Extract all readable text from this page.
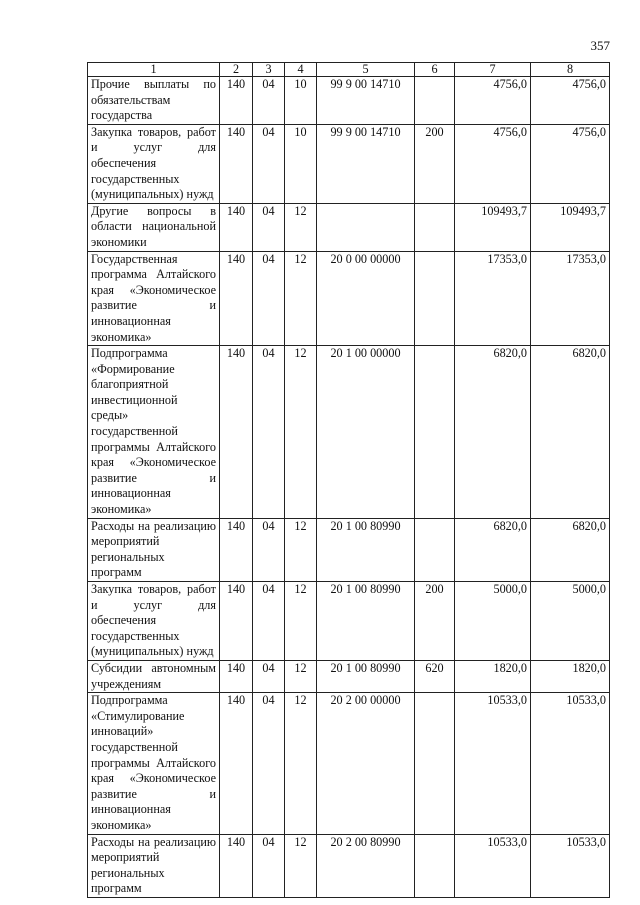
357
1	2	3	4	5	6	7	8
Прочие выплаты по обязательствам государства	140	04	10	99 9 00 14710		4756,0	4756,0
Закупка товаров, работ и услуг для обеспечения государственных (муниципальных) нужд	140	04	10	99 9 00 14710	200	4756,0	4756,0
Другие вопросы в области национальной экономики	140	04	12			109493,7	109493,7
Государственная программа Алтайского края «Экономическое развитие и инновационная экономика»	140	04	12	20 0 00 00000		17353,0	17353,0
Подпрограмма «Формирование благоприятной инвестиционной среды» государственной программы Алтайского края «Экономическое развитие и инновационная экономика»	140	04	12	20 1 00 00000		6820,0	6820,0
Расходы на реализацию мероприятий региональных программ	140	04	12	20 1 00 80990		6820,0	6820,0
Закупка товаров, работ и услуг для обеспечения государственных (муниципальных) нужд	140	04	12	20 1 00 80990	200	5000,0	5000,0
Субсидии автономным учреждениям	140	04	12	20 1 00 80990	620	1820,0	1820,0
Подпрограмма «Стимулирование инноваций» государственной программы Алтайского края «Экономическое развитие и инновационная экономика»	140	04	12	20 2 00 00000		10533,0	10533,0
Расходы на реализацию мероприятий региональных программ	140	04	12	20 2 00 80990		10533,0	10533,0
